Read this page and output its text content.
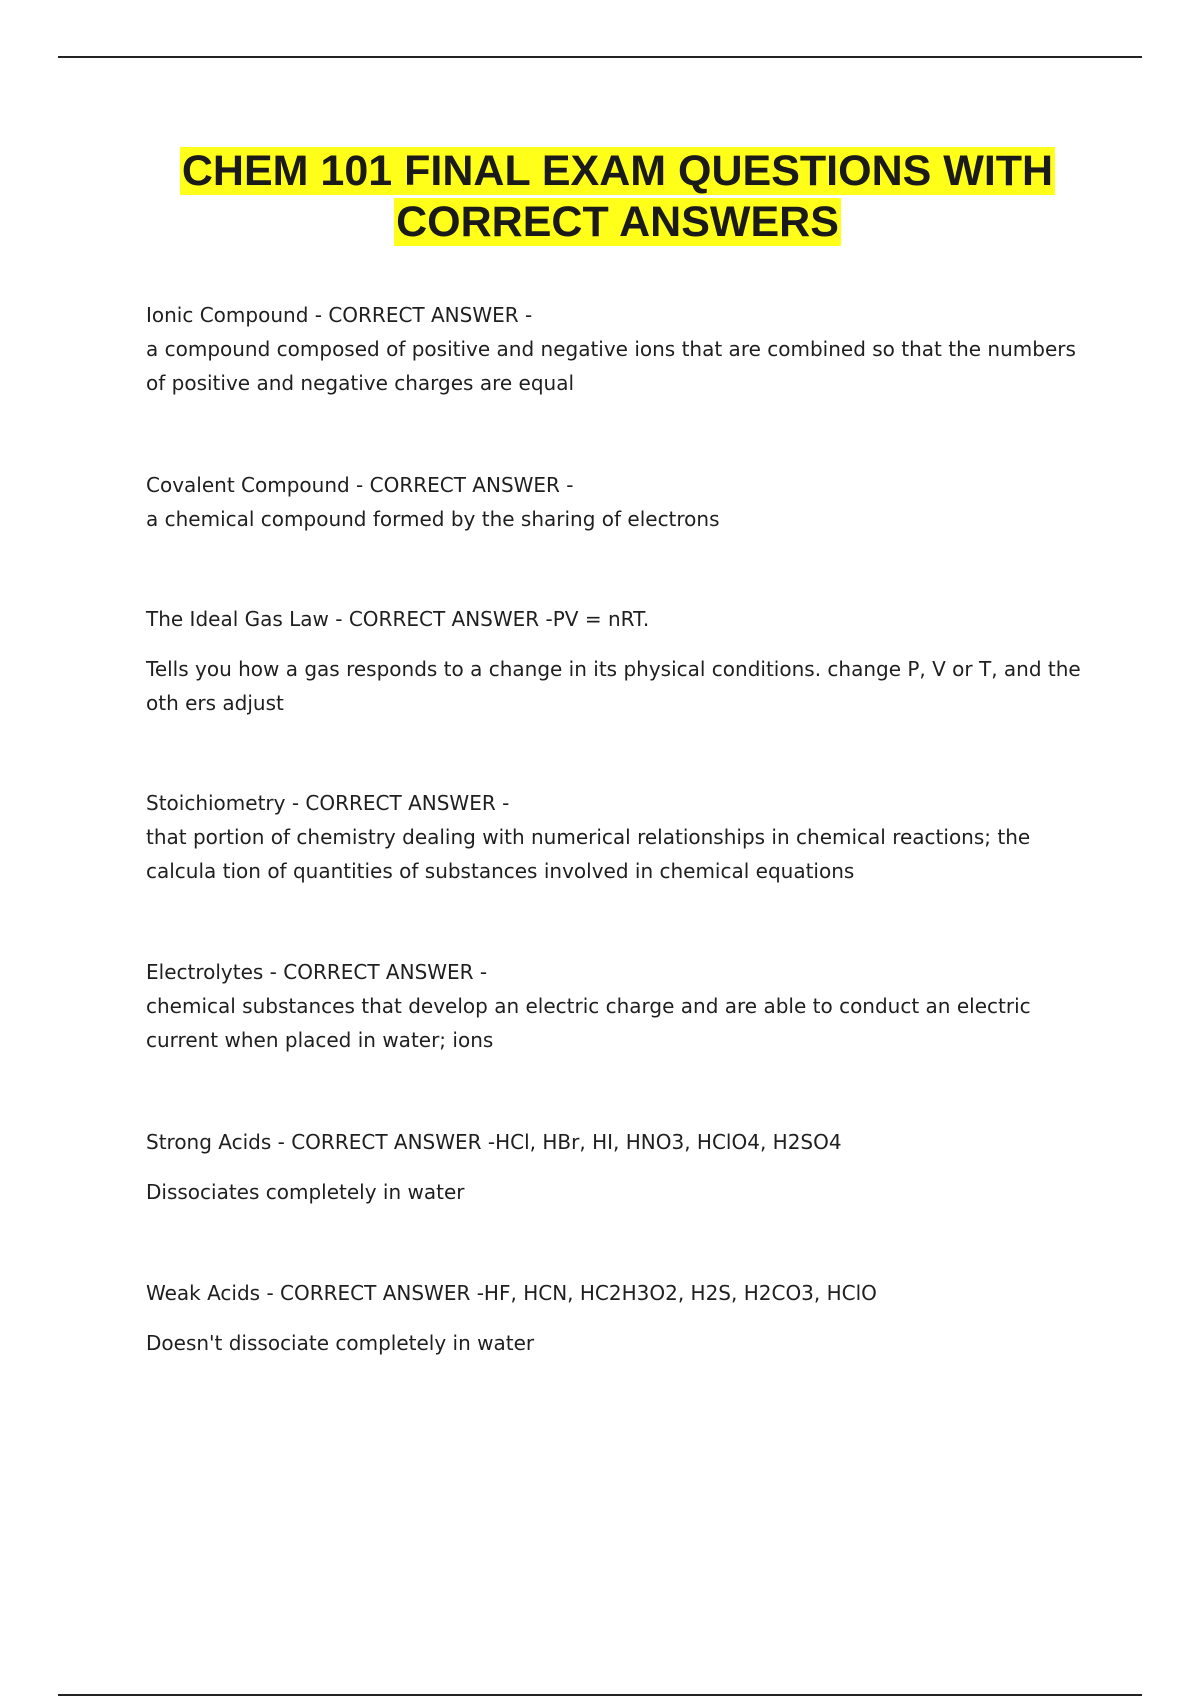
CHEM 101 FINAL EXAM QUESTIONS WITH
CORRECT ANSWERS

Ionic Compound - CORRECT ANSWER -

a compound composed of positive and negative ions that are combined so that the numbers of positive and negative charges are equal

Covalent Compound - CORRECT ANSWER -

a chemical compound formed by the sharing of electrons

The Ideal Gas Law - CORRECT ANSWER -PV = nRT.

Tells you how a gas responds to a change in its physical conditions. change P, V or T, and the oth ers adjust

Stoichiometry - CORRECT ANSWER -

that portion of chemistry dealing with numerical relationships in chemical reactions; the calcula tion of quantities of substances involved in chemical equations

Electrolytes - CORRECT ANSWER -

chemical substances that develop an electric charge and are able to conduct an electric current when placed in water; ions

Strong Acids - CORRECT ANSWER -HCl, HBr, HI, HNO3, HClO4, H2SO4

Dissociates completely in water

Weak Acids - CORRECT ANSWER -HF, HCN, HC2H3O2, H2S, H2CO3, HClO

Doesn't dissociate completely in water
